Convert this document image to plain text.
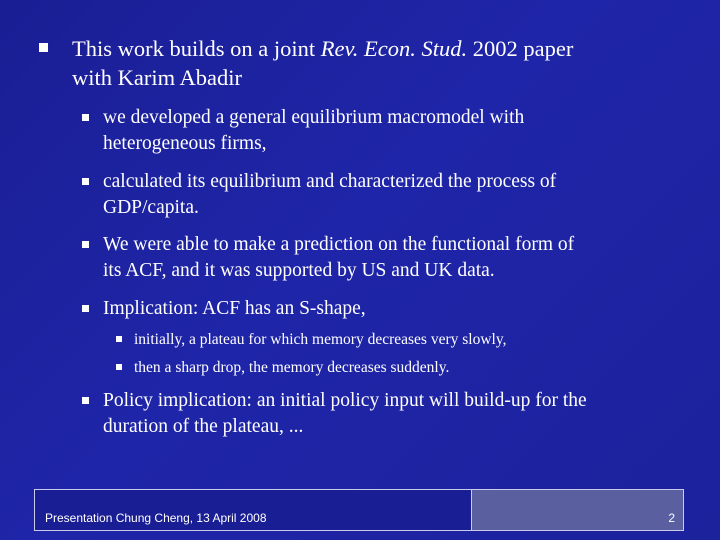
This work builds on a joint Rev. Econ. Stud. 2002 paper
with Karim Abadir
we developed a general equilibrium macromodel with
heterogeneous firms,
calculated its equilibrium and characterized the process of
GDP/capita.
We were able to make a prediction on the functional form of
its ACF, and it was supported by US and UK data.
Implication: ACF has an S-shape,
initially, a plateau for which memory decreases very slowly,
then a sharp drop, the memory decreases suddenly.
Policy implication: an initial policy input will build-up for the
duration of the plateau, ...
Presentation Chung Cheng, 13 April 2008	2
